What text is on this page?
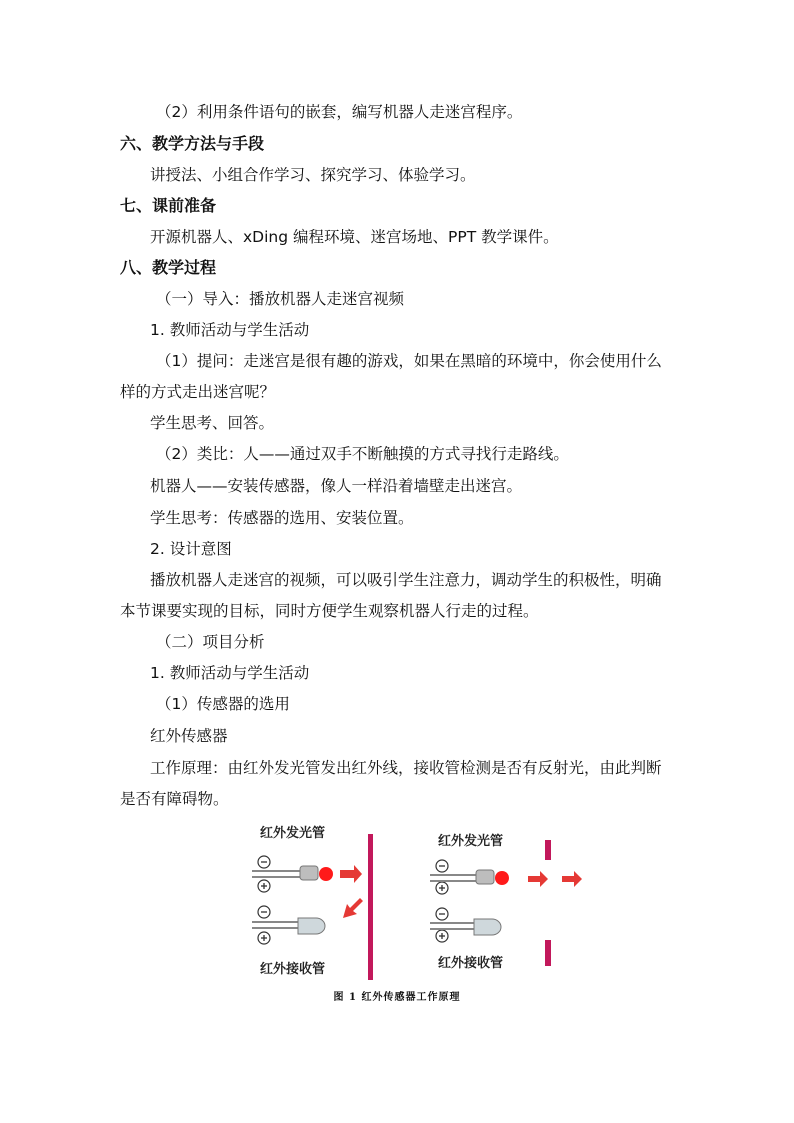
（2）利用条件语句的嵌套，编写机器人走迷宫程序。
六、教学方法与手段
讲授法、小组合作学习、探究学习、体验学习。
七、课前准备
开源机器人、xDing 编程环境、迷宫场地、PPT 教学课件。
八、教学过程
（一）导入：播放机器人走迷宫视频
1. 教师活动与学生活动
（1）提问：走迷宫是很有趣的游戏，如果在黑暗的环境中，你会使用什么
样的方式走出迷宫呢？
学生思考、回答。
（2）类比：人——通过双手不断触摸的方式寻找行走路线。
机器人——安装传感器，像人一样沿着墙壁走出迷宫。
学生思考：传感器的选用、安装位置。
2. 设计意图
播放机器人走迷宫的视频，可以吸引学生注意力，调动学生的积极性，明确
本节课要实现的目标，同时方便学生观察机器人行走的过程。
（二）项目分析
1. 教师活动与学生活动
（1）传感器的选用
红外传感器
工作原理：由红外发光管发出红外线，接收管检测是否有反射光，由此判断
是否有障碍物。
红外发光管
红外接收管
红外发光管
红外接收管
图 1 红外传感器工作原理
